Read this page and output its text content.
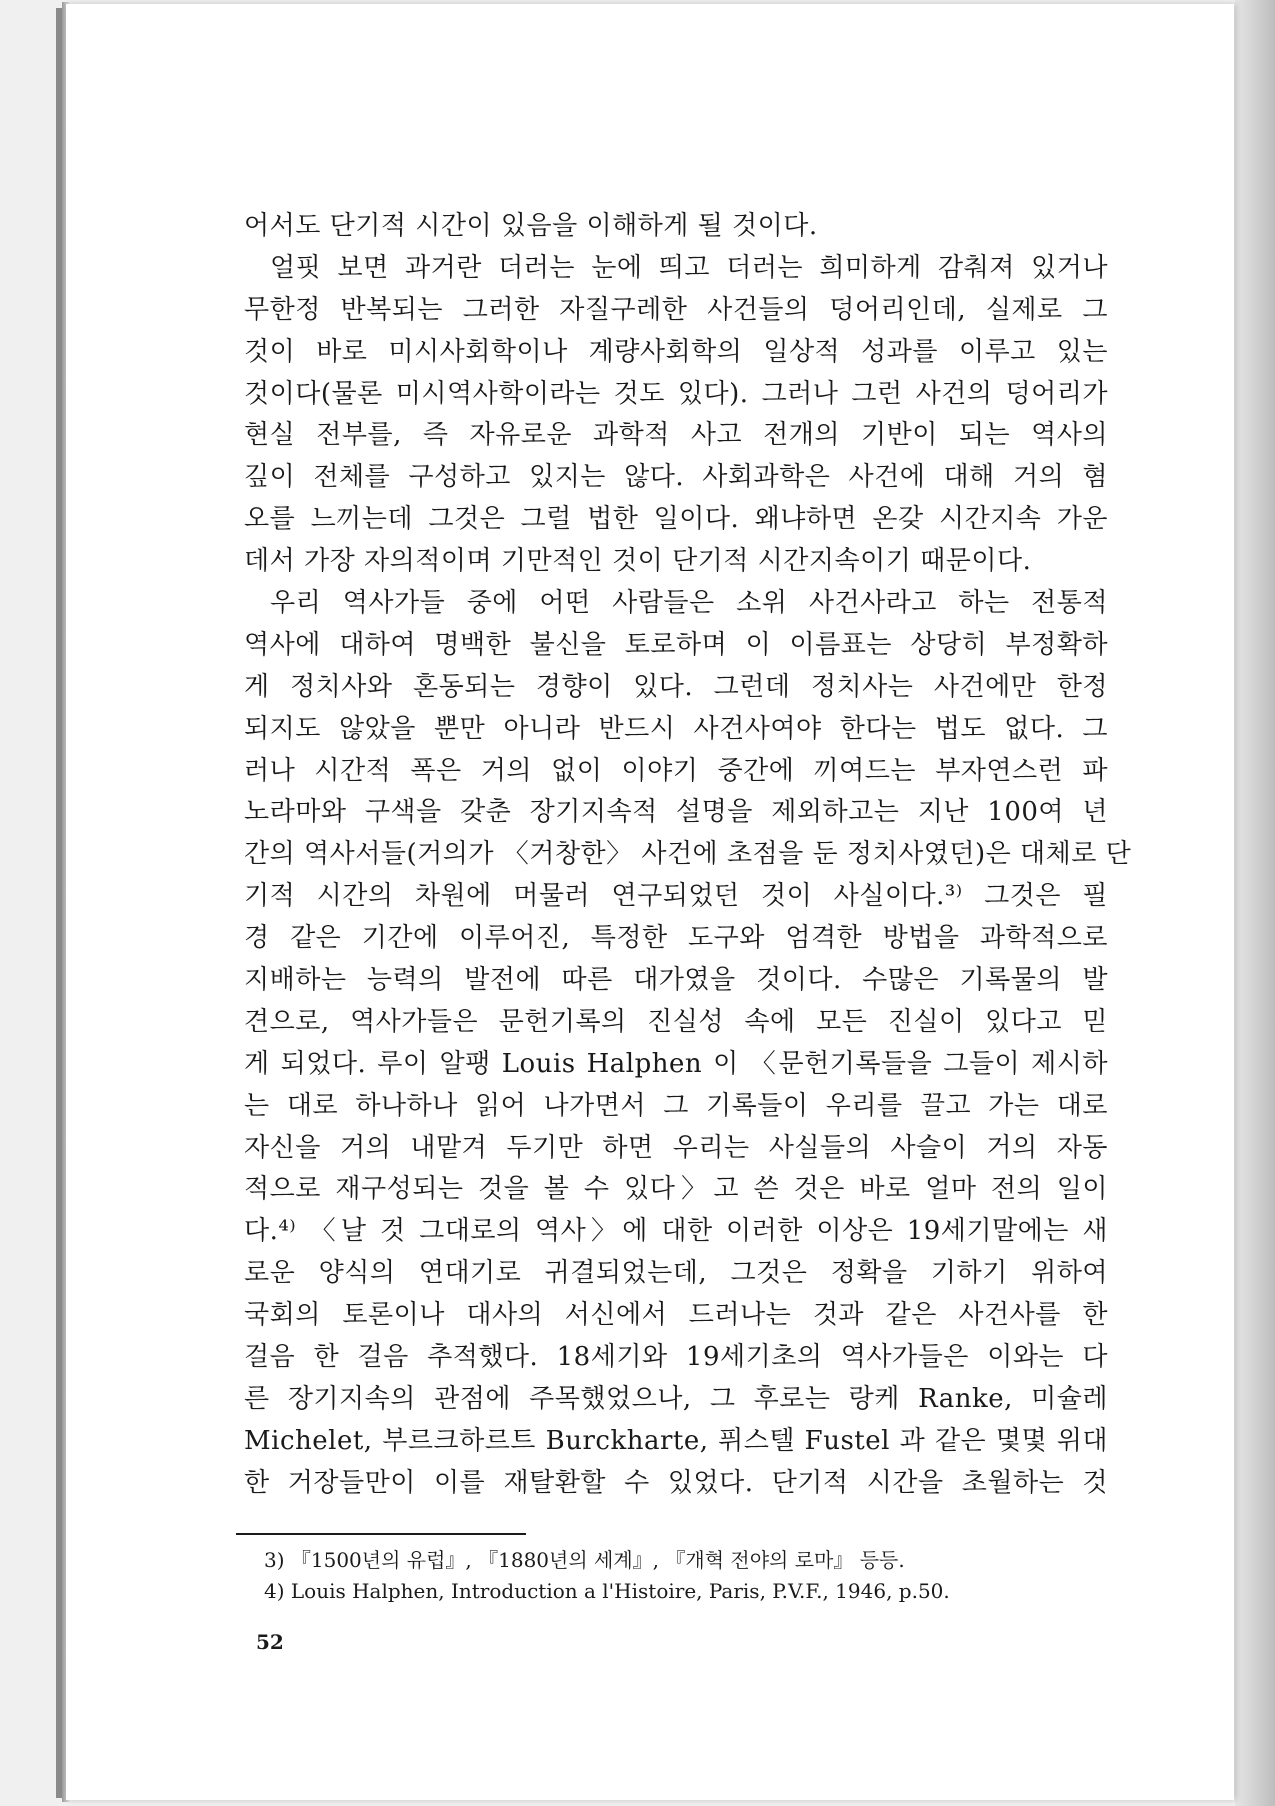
어서도 단기적 시간이 있음을 이해하게 될 것이다.
얼핏 보면 과거란 더러는 눈에 띄고 더러는 희미하게 감춰져 있거나
무한정 반복되는 그러한 자질구레한 사건들의 덩어리인데, 실제로 그
것이 바로 미시사회학이나 계량사회학의 일상적 성과를 이루고 있는
것이다(물론 미시역사학이라는 것도 있다). 그러나 그런 사건의 덩어리가
현실 전부를, 즉 자유로운 과학적 사고 전개의 기반이 되는 역사의
깊이 전체를 구성하고 있지는 않다. 사회과학은 사건에 대해 거의 혐
오를 느끼는데 그것은 그럴 법한 일이다. 왜냐하면 온갖 시간지속 가운
데서 가장 자의적이며 기만적인 것이 단기적 시간지속이기 때문이다.
우리 역사가들 중에 어떤 사람들은 소위 사건사라고 하는 전통적
역사에 대하여 명백한 불신을 토로하며 이 이름표는 상당히 부정확하
게 정치사와 혼동되는 경향이 있다. 그런데 정치사는 사건에만 한정
되지도 않았을 뿐만 아니라 반드시 사건사여야 한다는 법도 없다. 그
러나 시간적 폭은 거의 없이 이야기 중간에 끼여드는 부자연스런 파
노라마와 구색을 갖춘 장기지속적 설명을 제외하고는 지난 100여 년
간의 역사서들(거의가 〈거창한〉 사건에 초점을 둔 정치사였던)은 대체로 단
기적 시간의 차원에 머물러 연구되었던 것이 사실이다.³⁾ 그것은 필
경 같은 기간에 이루어진, 특정한 도구와 엄격한 방법을 과학적으로
지배하는 능력의 발전에 따른 대가였을 것이다. 수많은 기록물의 발
견으로, 역사가들은 문헌기록의 진실성 속에 모든 진실이 있다고 믿
게 되었다. 루이 알팽 Louis Halphen 이 〈문헌기록들을 그들이 제시하
는 대로 하나하나 읽어 나가면서 그 기록들이 우리를 끌고 가는 대로
자신을 거의 내맡겨 두기만 하면 우리는 사실들의 사슬이 거의 자동
적으로 재구성되는 것을 볼 수 있다〉고 쓴 것은 바로 얼마 전의 일이
다.⁴⁾ 〈날 것 그대로의 역사〉에 대한 이러한 이상은 19세기말에는 새
로운 양식의 연대기로 귀결되었는데, 그것은 정확을 기하기 위하여
국회의 토론이나 대사의 서신에서 드러나는 것과 같은 사건사를 한
걸음 한 걸음 추적했다. 18세기와 19세기초의 역사가들은 이와는 다
른 장기지속의 관점에 주목했었으나, 그 후로는 랑케 Ranke, 미슐레
Michelet, 부르크하르트 Burckharte, 퓌스텔 Fustel 과 같은 몇몇 위대
한 거장들만이 이를 재탈환할 수 있었다. 단기적 시간을 초월하는 것
3) 『1500년의 유럽』, 『1880년의 세계』, 『개혁 전야의 로마』 등등.
4) Louis Halphen, Introduction a l'Histoire, Paris, P.V.F., 1946, p.50.
52
